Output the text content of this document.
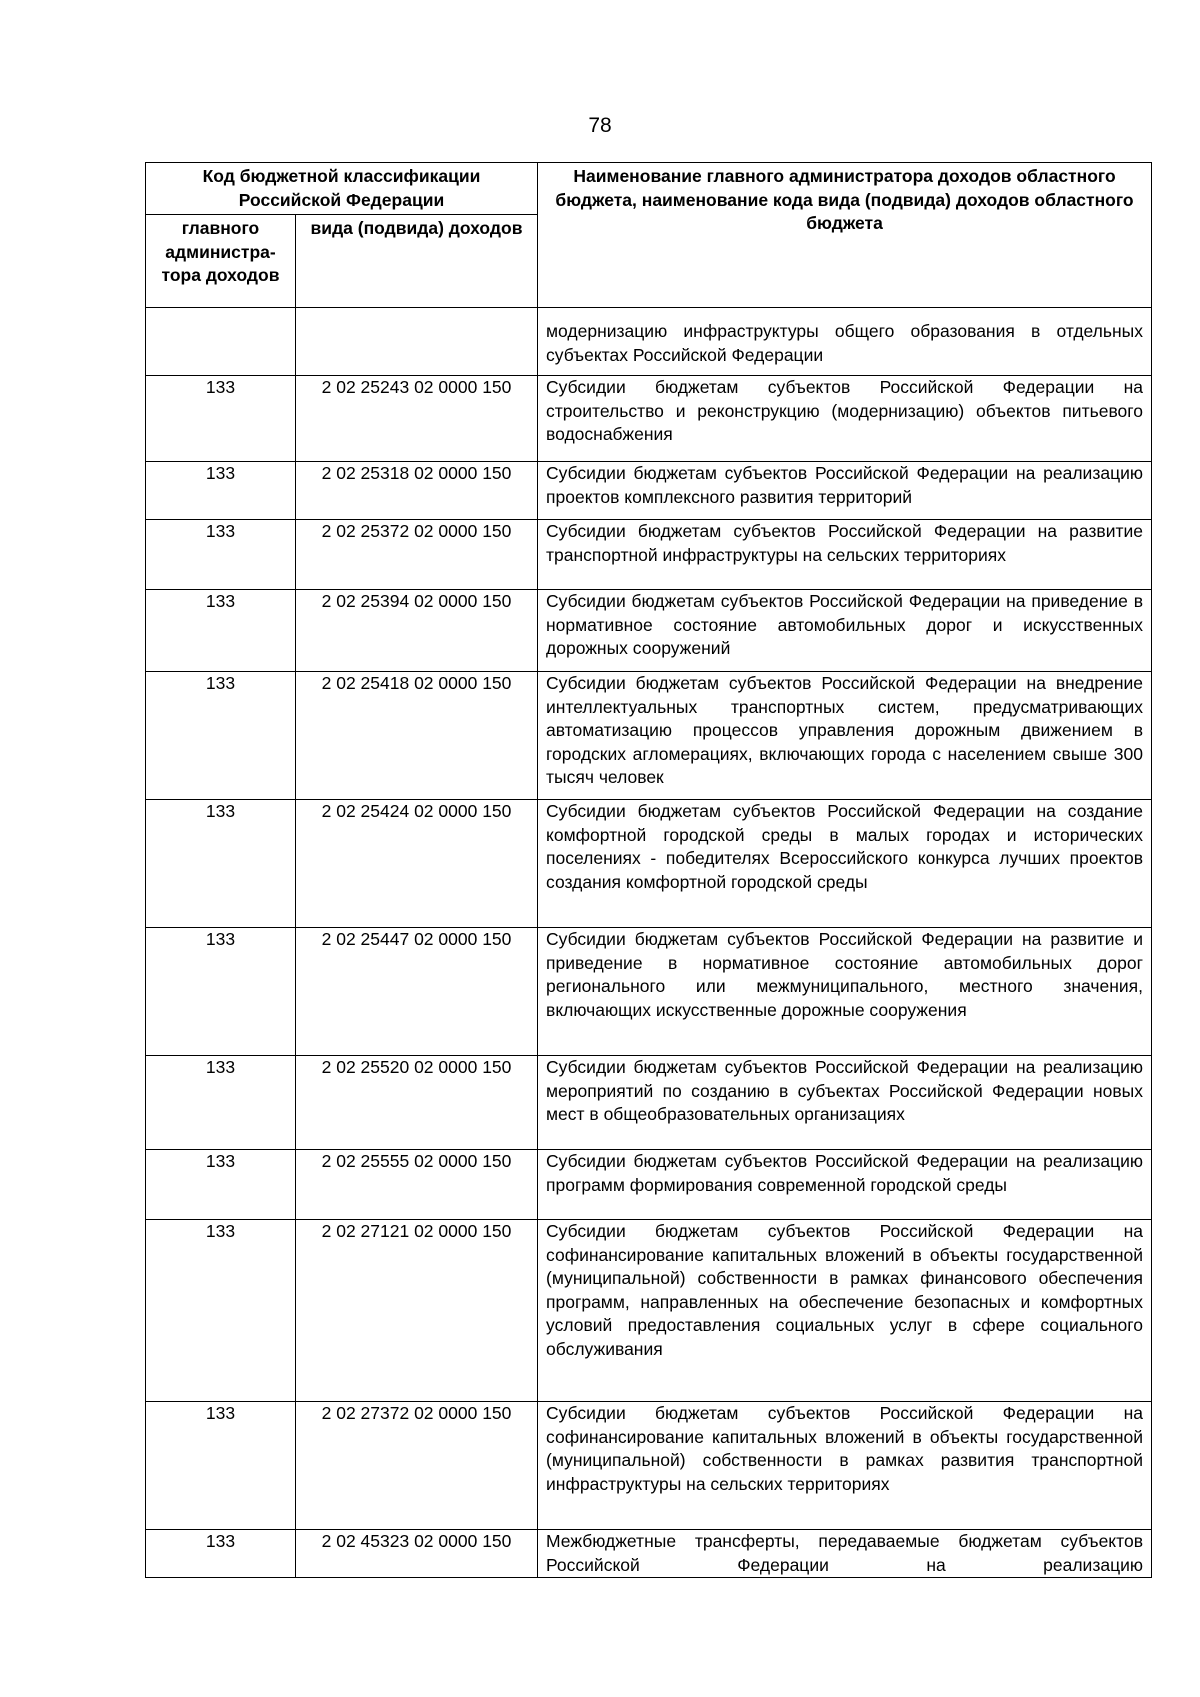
78
Код бюджетной классификации Российской Федерации		Наименование главного администратора доходов областного бюджета, наименование кода вида (подвида) доходов областного бюджета
главного администра-тора доходов	вида (подвида) доходов	
		модернизацию инфраструктуры общего образования в отдельных субъектах Российской Федерации
133	2 02 25243 02 0000 150	Субсидии бюджетам субъектов Российской Федерации на строительство и реконструкцию (модернизацию) объектов питьевого водоснабжения
133	2 02 25318 02 0000 150	Субсидии бюджетам субъектов Российской Федерации на реализацию проектов комплексного развития территорий
133	2 02 25372 02 0000 150	Субсидии бюджетам субъектов Российской Федерации на развитие транспортной инфраструктуры на сельских территориях
133	2 02 25394 02 0000 150	Субсидии бюджетам субъектов Российской Федерации на приведение в нормативное состояние автомобильных дорог и искусственных дорожных сооружений
133	2 02 25418 02 0000 150	Субсидии бюджетам субъектов Российской Федерации на внедрение интеллектуальных транспортных систем, предусматривающих автоматизацию процессов управления дорожным движением в городских агломерациях, включающих города с населением свыше 300 тысяч человек
133	2 02 25424 02 0000 150	Субсидии бюджетам субъектов Российской Федерации на создание комфортной городской среды в малых городах и исторических поселениях - победителях Всероссийского конкурса лучших проектов создания комфортной городской среды
133	2 02 25447 02 0000 150	Субсидии бюджетам субъектов Российской Федерации на развитие и приведение в нормативное состояние автомобильных дорог регионального или межмуниципального, местного значения, включающих искусственные дорожные сооружения
133	2 02 25520 02 0000 150	Субсидии бюджетам субъектов Российской Федерации на реализацию мероприятий по созданию в субъектах Российской Федерации новых мест в общеобразовательных организациях
133	2 02 25555 02 0000 150	Субсидии бюджетам субъектов Российской Федерации на реализацию программ формирования современной городской среды
133	2 02 27121 02 0000 150	Субсидии бюджетам субъектов Российской Федерации на софинансирование капитальных вложений в объекты государственной (муниципальной) собственности в рамках финансового обеспечения программ, направленных на обеспечение безопасных и комфортных условий предоставления социальных услуг в сфере социального обслуживания
133	2 02 27372 02 0000 150	Субсидии бюджетам субъектов Российской Федерации на софинансирование капитальных вложений в объекты государственной (муниципальной) собственности в рамках развития транспортной инфраструктуры на сельских территориях
133	2 02 45323 02 0000 150	Межбюджетные трансферты, передаваемые бюджетам субъектов Российской Федерации на реализацию
